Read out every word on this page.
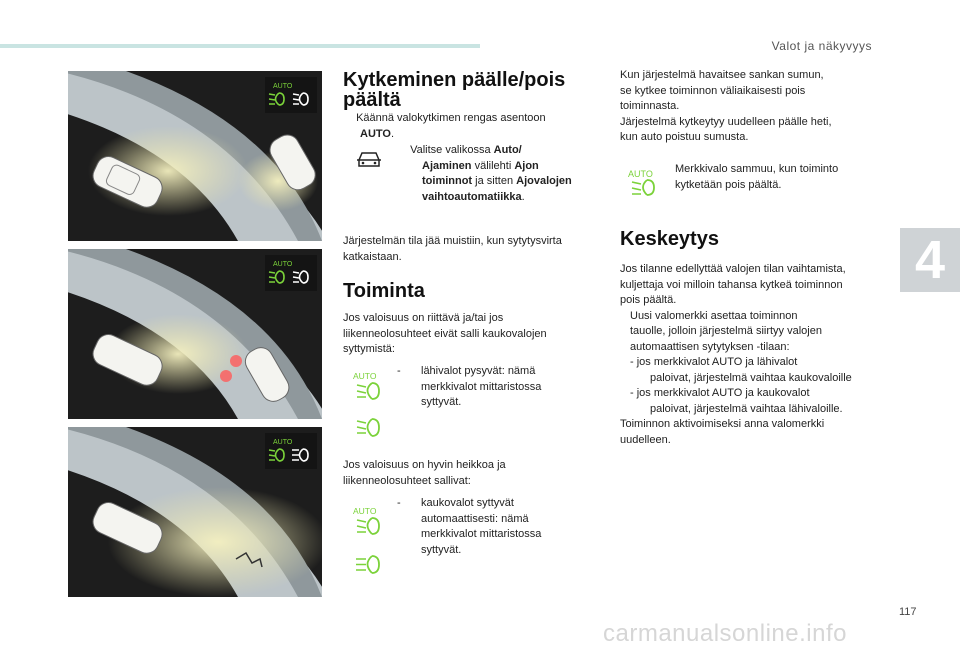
Valot ja näkyvyys
4
AUTO
AUTO
AUTO
Kytkeminen päälle/pois
päältä
Käännä valokytkimen rengas asentoon
AUTO.
Valitse valikossa Auto/
Ajaminen välilehti Ajon
toiminnot ja sitten Ajovalojen
vaihtoautomatiikka.
Järjestelmän tila jää muistiin, kun sytytysvirta
katkaistaan.
Toiminta
Jos valoisuus on riittävä ja/tai jos
liikenneolosuhteet eivät salli kaukovalojen
syttymistä:
AUTO - lähivalot pysyvät: nämä
merkkivalot mittaristossa
syttyvät.
Jos valoisuus on hyvin heikkoa ja
liikenneolosuhteet sallivat:
AUTO
- kaukovalot syttyvät
automaattisesti: nämä
merkkivalot mittaristossa
syttyvät.
Kun järjestelmä havaitsee sankan sumun,
se kytkee toiminnon väliaikaisesti pois
toiminnasta.
Järjestelmä kytkeytyy uudelleen päälle heti,
kun auto poistuu sumusta.
AUTO Merkkivalo sammuu, kun toiminto
kytketään pois päältä.
Keskeytys
Jos tilanne edellyttää valojen tilan vaihtamista,
kuljettaja voi milloin tahansa kytkeä toiminnon
pois päältä.
Uusi valomerkki asettaa toiminnon
tauolle, jolloin järjestelmä siirtyy valojen
automaattisen sytytyksen -tilaan:
- jos merkkivalot AUTO ja lähivalot
paloivat, järjestelmä vaihtaa kaukovaloille
- jos merkkivalot AUTO ja kaukovalot
paloivat, järjestelmä vaihtaa lähivaloille.
Toiminnon aktivoimiseksi anna valomerkki
uudelleen.
117
carmanualsonline.info
